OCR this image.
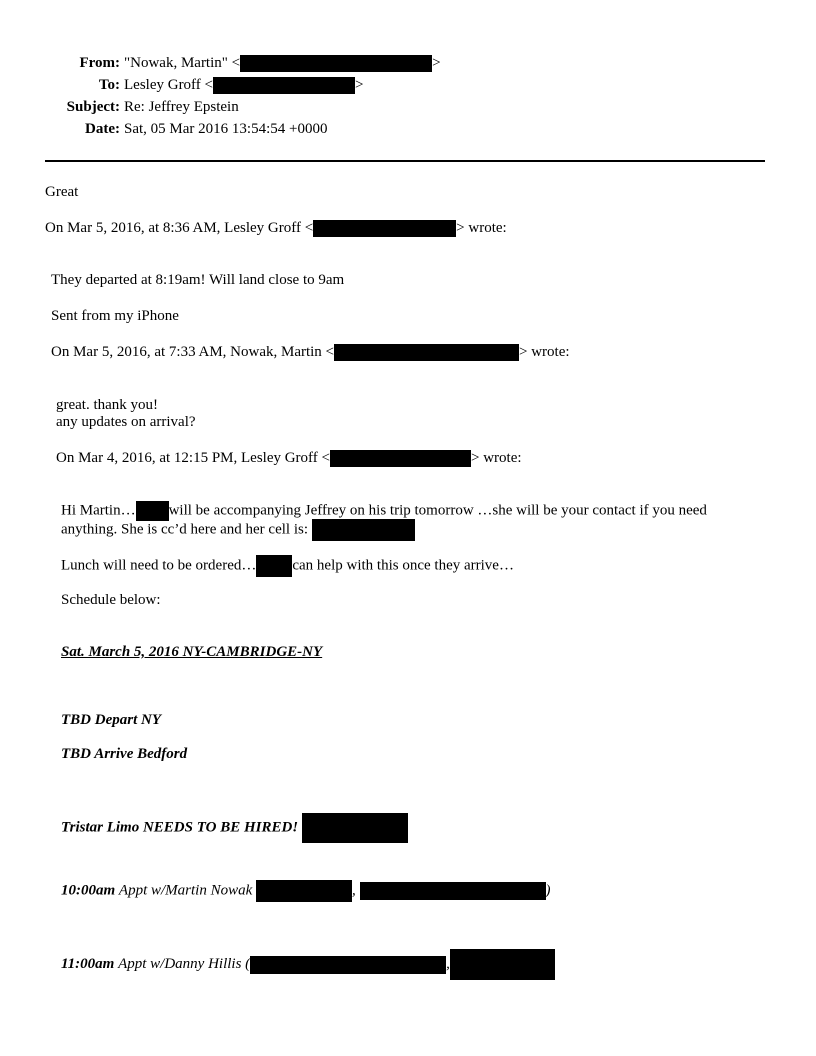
From: "Nowak, Martin" <	>
To: Lesley Groff <	>
Subject: Re: Jeffrey Epstein
Date: Sat, 05 Mar 2016 13:54:54 +0000
Great
On Mar 5, 2016, at 8:36 AM, Lesley Groff <	> wrote:
They departed at 8:19am! Will land close to 9am
Sent from my iPhone
On Mar 5, 2016, at 7:33 AM, Nowak, Martin <	> wrote:
great. thank you!
any updates on arrival?
On Mar 4, 2016, at 12:15 PM, Lesley Groff <	> wrote:
Hi Martin… will be accompanying Jeffrey on his trip tomorrow …she will be your contact if you need
anything. She is cc’d here and her cell is:
Lunch will need to be ordered… can help with this once they arrive…
Schedule below:
Sat. March 5, 2016 NY-CAMBRIDGE-NY
TBD Depart NY
TBD Arrive Bedford
Tristar Limo NEEDS TO BE HIRED!
10:00am Appt w/Martin Nowak	,	)
11:00am Appt w/Danny Hillis (	,
